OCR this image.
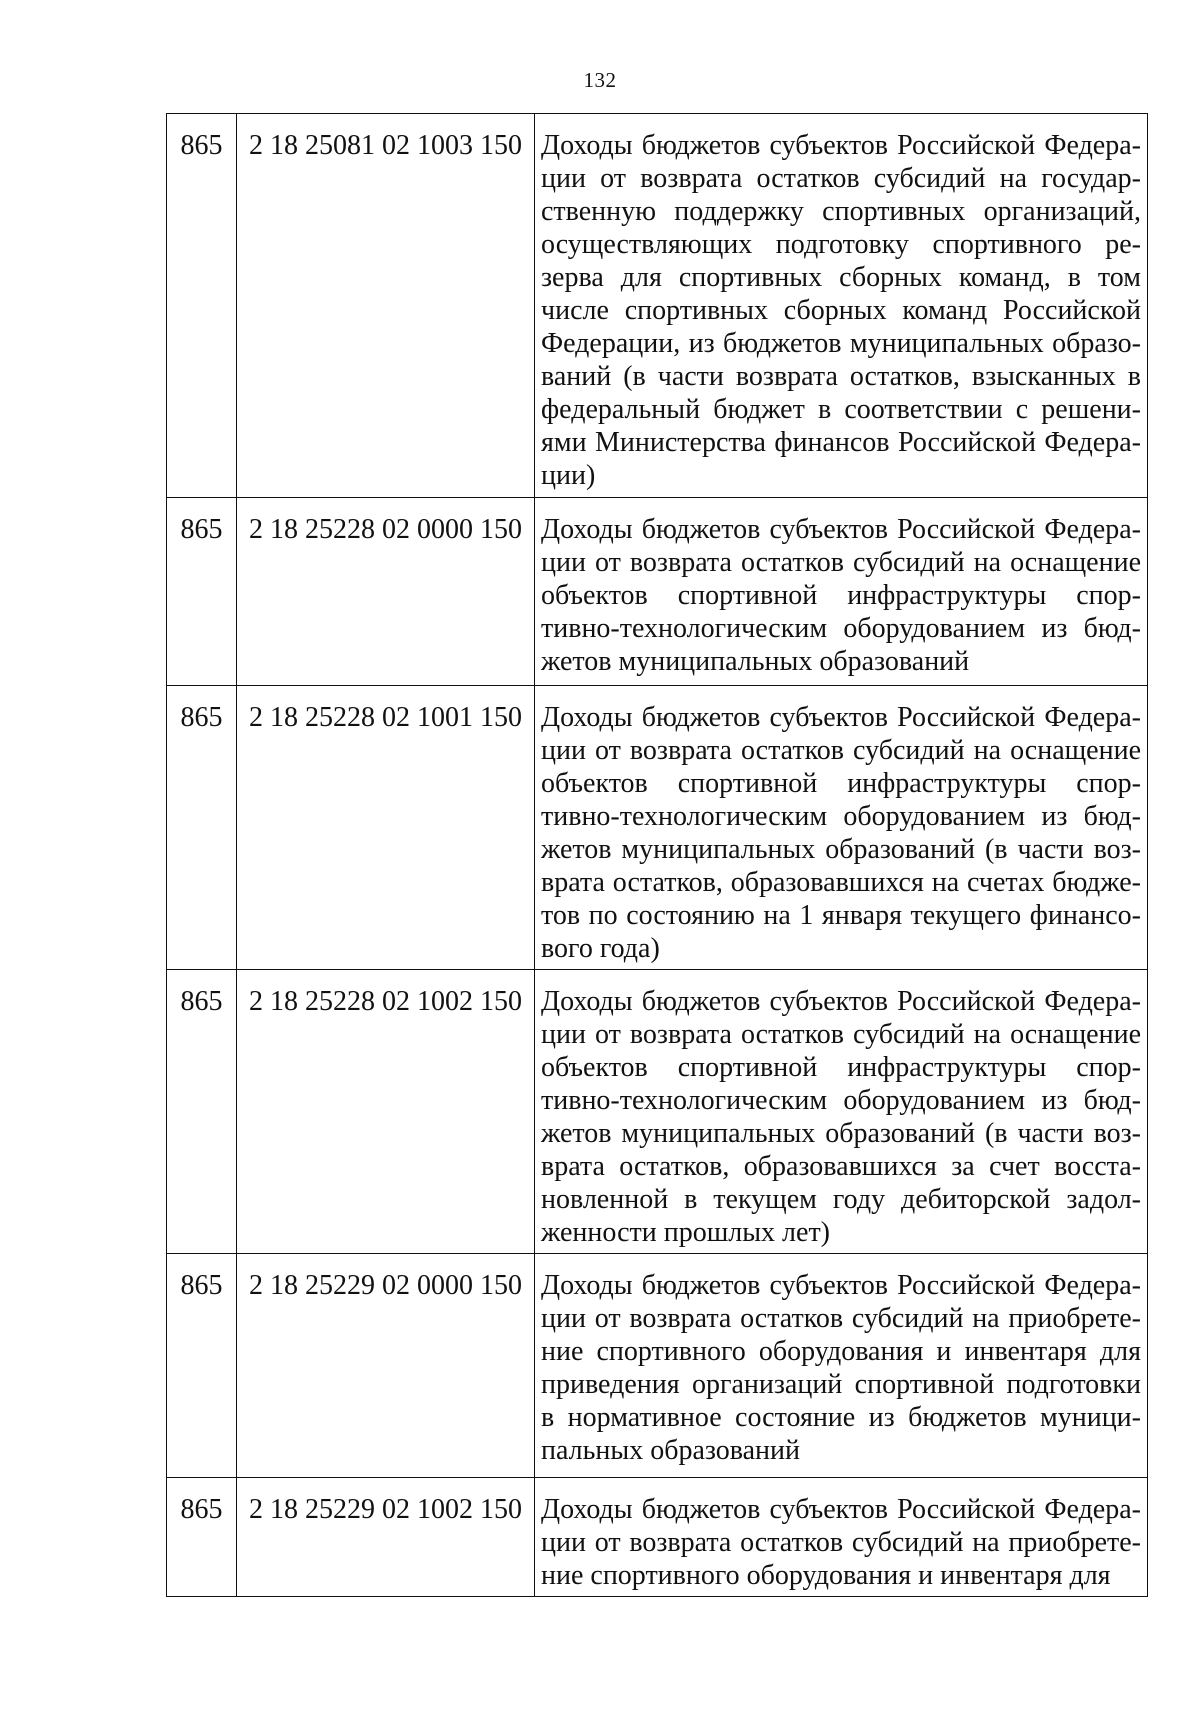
132
865	2 18 25081 02 1003 150	Доходы бюджетов субъектов Российской Федерации от возврата остатков субсидий на государственную поддержку спортивных организаций, осуществляющих подготовку спортивного резерва для спортивных сборных команд, в том числе спортивных сборных команд Российской Федерации, из бюджетов муниципальных образований (в части возврата остатков, взысканных в федеральный бюджет в соответствии с решениями Министерства финансов Российской Федерации)
865	2 18 25228 02 0000 150	Доходы бюджетов субъектов Российской Федерации от возврата остатков субсидий на оснащение объектов спортивной инфраструктуры спортивно-технологическим оборудованием из бюджетов муниципальных образований
865	2 18 25228 02 1001 150	Доходы бюджетов субъектов Российской Федерации от возврата остатков субсидий на оснащение объектов спортивной инфраструктуры спортивно-технологическим оборудованием из бюджетов муниципальных образований (в части возврата остатков, образовавшихся на счетах бюджетов по состоянию на 1 января текущего финансового года)
865	2 18 25228 02 1002 150	Доходы бюджетов субъектов Российской Федерации от возврата остатков субсидий на оснащение объектов спортивной инфраструктуры спортивно-технологическим оборудованием из бюджетов муниципальных образований (в части возврата остатков, образовавшихся за счет восстановленной в текущем году дебиторской задолженности прошлых лет)
865	2 18 25229 02 0000 150	Доходы бюджетов субъектов Российской Федерации от возврата остатков субсидий на приобретение спортивного оборудования и инвентаря для приведения организаций спортивной подготовки в нормативное состояние из бюджетов муниципальных образований
865	2 18 25229 02 1002 150	Доходы бюджетов субъектов Российской Федерации от возврата остатков субсидий на приобретение спортивного оборудования и инвентаря для
